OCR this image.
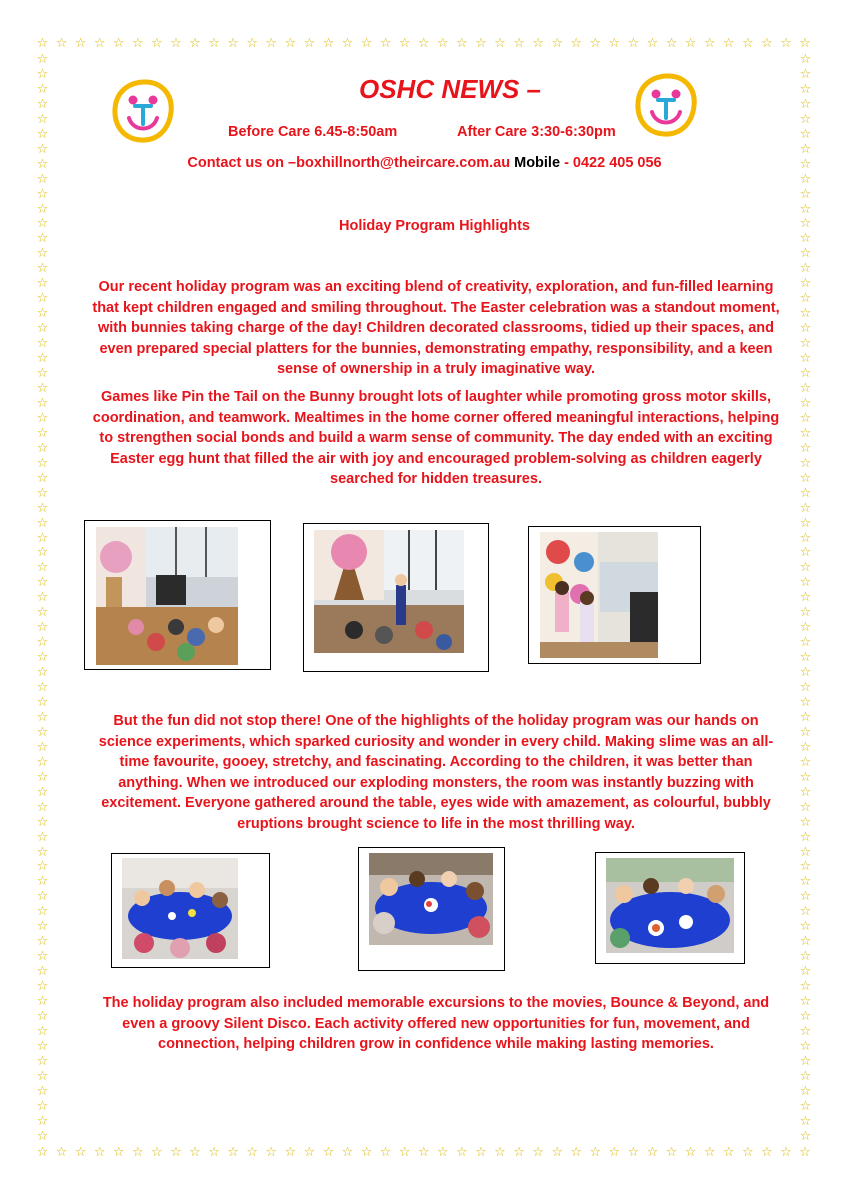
☆ ☆ ☆ ☆ ☆ ☆ ☆ ☆ ☆ ☆ ☆ ☆ ☆ ☆ ☆ ☆ ☆ ☆ ☆ ☆ ☆ ☆ ☆ ☆ ☆ ☆ ☆ ☆ ☆ ☆ ☆ ☆ ☆ ☆ ☆ ☆ ☆ ☆ ☆ ☆ ☆
☆ ☆ ☆ ☆ ☆ ☆ ☆ ☆ ☆ ☆ ☆ ☆ ☆ ☆ ☆ ☆ ☆ ☆ ☆ ☆ ☆ ☆ ☆ ☆ ☆ ☆ ☆ ☆ ☆ ☆ ☆ ☆ ☆ ☆ ☆ ☆ ☆ ☆ ☆ ☆ ☆
☆
☆
☆
☆
☆
☆
☆
☆
☆
☆
☆
☆
☆
☆
☆
☆
☆
☆
☆
☆
☆
☆
☆
☆
☆
☆
☆
☆
☆
☆
☆
☆
☆
☆
☆
☆
☆
☆
☆
☆
☆
☆
☆
☆
☆
☆
☆
☆
☆
☆
☆
☆
☆
☆
☆
☆
☆
☆
☆
☆
☆
☆
☆
☆
☆
☆
☆
☆
☆
☆
☆
☆
☆
☆
☆
☆
☆
☆
☆
☆
☆
☆
☆
☆
☆
☆
☆
☆
☆
☆
☆
☆
☆
☆
☆
☆
☆
☆
☆
☆
☆
☆
☆
☆
☆
☆
☆
☆
☆
☆
☆
☆
☆
☆
☆
☆
☆
☆
☆
☆
☆
☆
☆
☆
☆
☆
☆
☆
☆
☆
☆
☆
☆
☆
☆
☆
☆
☆
☆
☆
☆
☆
☆
☆
☆
☆
OSHC NEWS –
Before Care 6.45-8:50am	After Care 3:30-6:30pm
Contact us on –boxhillnorth@theircare.com.au Mobile - 0422 405 056
Holiday Program Highlights

Our recent holiday program was an exciting blend of creativity, exploration, and fun-filled learning that kept children engaged and smiling throughout. The Easter celebration was a standout moment, with bunnies taking charge of the day! Children decorated classrooms, tidied up their spaces, and even prepared special platters for the bunnies, demonstrating empathy, responsibility, and a keen sense of ownership in a truly imaginative way.

Games like Pin the Tail on the Bunny brought lots of laughter while promoting gross motor skills, coordination, and teamwork. Mealtimes in the home corner offered meaningful interactions, helping to strengthen social bonds and build a warm sense of community. The day ended with an exciting Easter egg hunt that filled the air with joy and encouraged problem-solving as children eagerly searched for hidden treasures.

But the fun did not stop there! One of the highlights of the holiday program was our hands on science experiments, which sparked curiosity and wonder in every child. Making slime was an all-time favourite, gooey, stretchy, and fascinating. According to the children, it was better than anything. When we introduced our exploding monsters, the room was instantly buzzing with excitement. Everyone gathered around the table, eyes wide with amazement, as colourful, bubbly eruptions brought science to life in the most thrilling way.

The holiday program also included memorable excursions to the movies, Bounce & Beyond, and even a groovy Silent Disco. Each activity offered new opportunities for fun, movement, and connection, helping children grow in confidence while making lasting memories.
